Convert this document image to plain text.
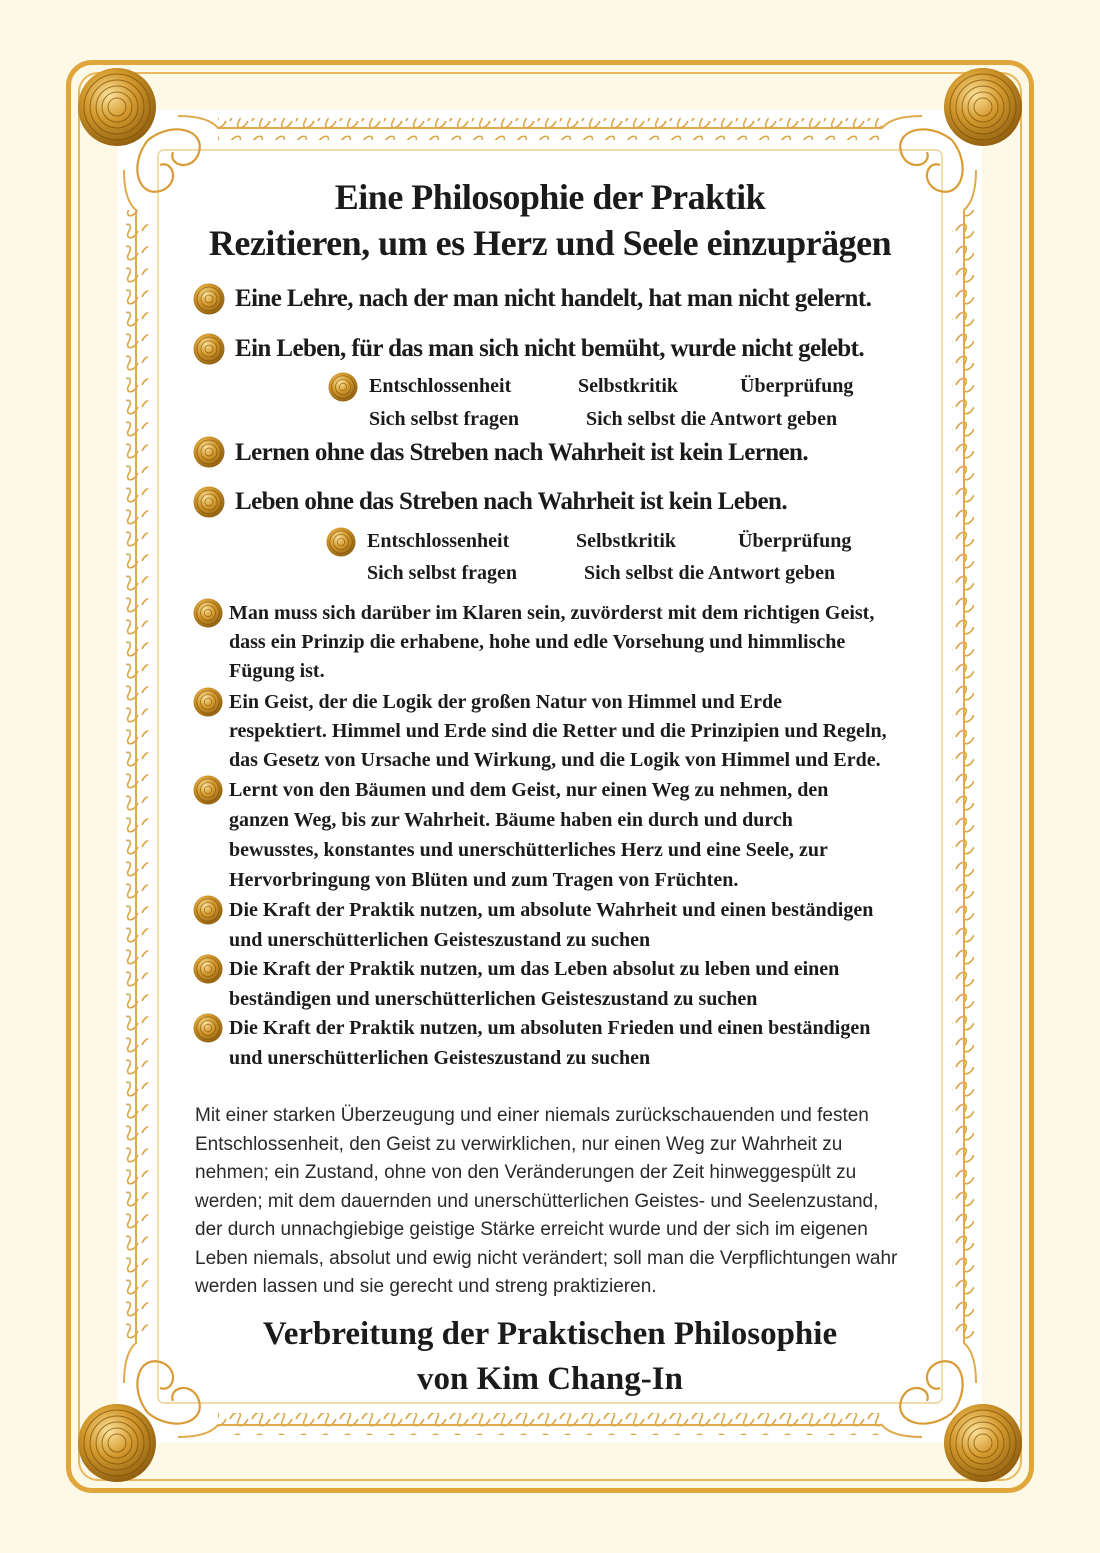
Eine Philosophie der Praktik
Rezitieren, um es Herz und Seele einzuprägen
Eine Lehre, nach der man nicht handelt, hat man nicht gelernt.
Ein Leben, für das man sich nicht bemüht, wurde nicht gelebt.
Entschlossenheit	Selbstkritik	Überprüfung
Sich selbst fragen	Sich selbst die Antwort geben
Lernen ohne das Streben nach Wahrheit ist kein Lernen.
Leben ohne das Streben nach Wahrheit ist kein Leben.
Entschlossenheit	Selbstkritik	Überprüfung
Sich selbst fragen	Sich selbst die Antwort geben
Man muss sich darüber im Klaren sein, zuvörderst mit dem richtigen Geist,
dass ein Prinzip die erhabene, hohe und edle Vorsehung und himmlische
Fügung ist.
Ein Geist, der die Logik der großen Natur von Himmel und Erde
respektiert. Himmel und Erde sind die Retter und die Prinzipien und Regeln,
das Gesetz von Ursache und Wirkung, und die Logik von Himmel und Erde.
Lernt von den Bäumen und dem Geist, nur einen Weg zu nehmen, den
ganzen Weg, bis zur Wahrheit. Bäume haben ein durch und durch
bewusstes, konstantes und unerschütterliches Herz und eine Seele, zur
Hervorbringung von Blüten und zum Tragen von Früchten.
Die Kraft der Praktik nutzen, um absolute Wahrheit und einen beständigen
und unerschütterlichen Geisteszustand zu suchen
Die Kraft der Praktik nutzen, um das Leben absolut zu leben und einen
beständigen und unerschütterlichen Geisteszustand zu suchen
Die Kraft der Praktik nutzen, um absoluten Frieden und einen beständigen
und unerschütterlichen Geisteszustand zu suchen
Mit einer starken Überzeugung und einer niemals zurückschauenden und festen
Entschlossenheit, den Geist zu verwirklichen, nur einen Weg zur Wahrheit zu
nehmen; ein Zustand, ohne von den Veränderungen der Zeit hinweggespült zu
werden; mit dem dauernden und unerschütterlichen Geistes- und Seelenzustand,
der durch unnachgiebige geistige Stärke erreicht wurde und der sich im eigenen
Leben niemals, absolut und ewig nicht verändert; soll man die Verpflichtungen wahr
werden lassen und sie gerecht und streng praktizieren.
Verbreitung der Praktischen Philosophie
von Kim Chang-In
